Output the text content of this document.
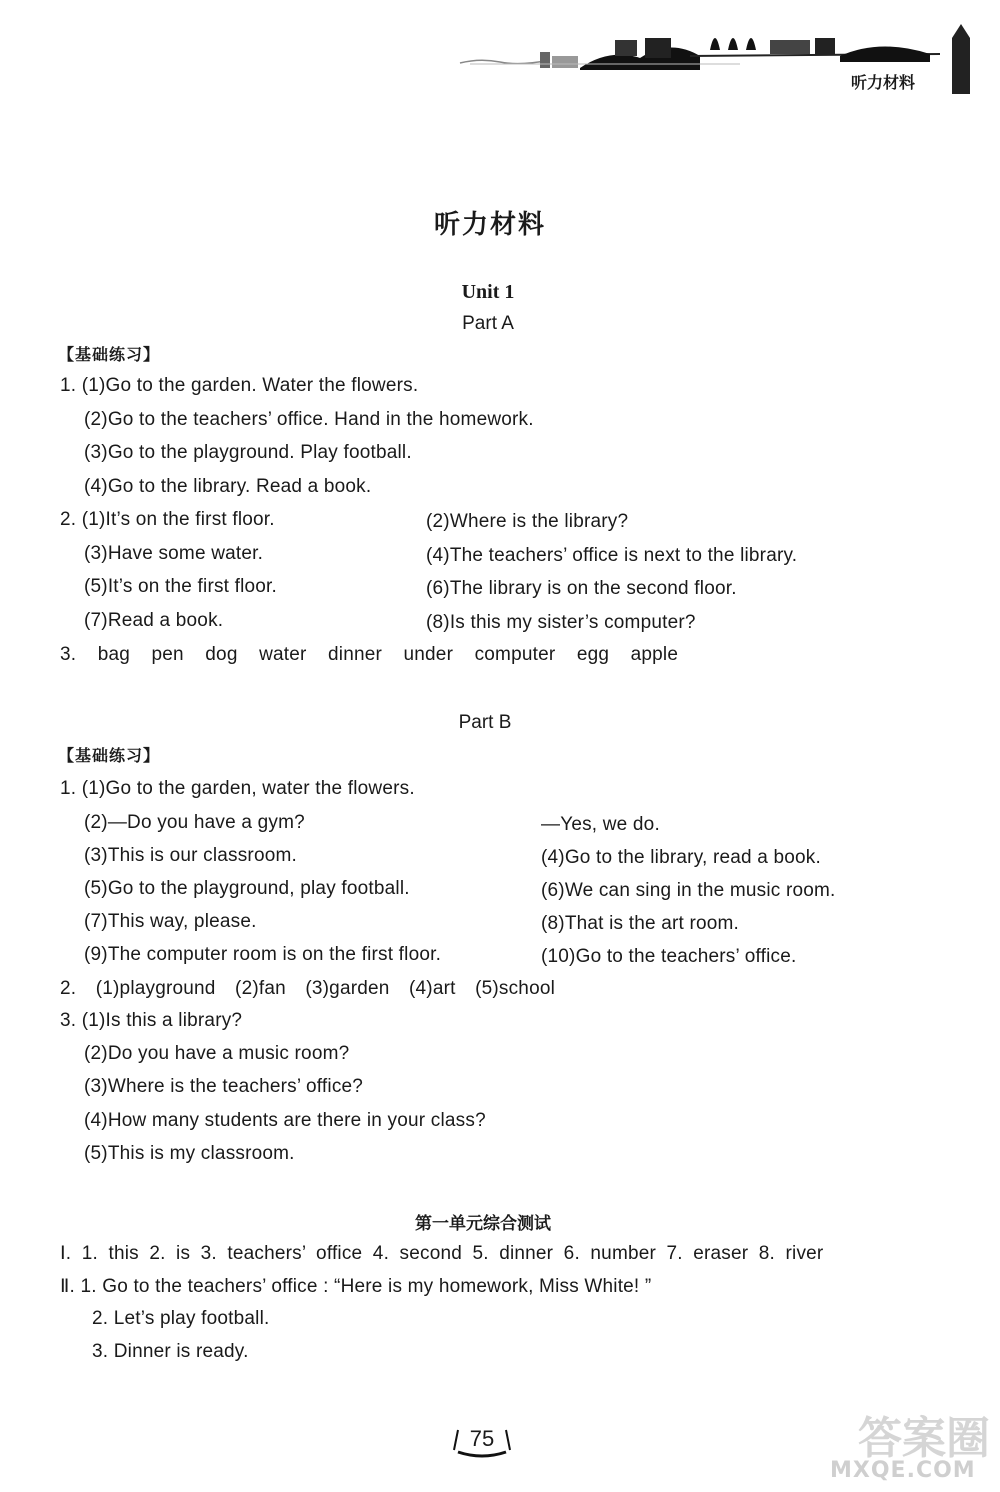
听力材料
听力材料
Unit 1
Part A
【基础练习】
1. (1)Go to the garden. Water the flowers.
(2)Go to the teachers’ office. Hand in the homework.
(3)Go to the playground. Play football.
(4)Go to the library. Read a book.
2. (1)It’s on the first floor.	(2)Where is the library?
(3)Have some water.	(4)The teachers’ office is next to the library.
(5)It’s on the first floor.	(6)The library is on the second floor.
(7)Read a book.	(8)Is this my sister’s computer?
3. bag pen dog water dinner under computer egg apple
Part B
【基础练习】
1. (1)Go to the garden, water the flowers.
(2)—Do you have a gym?	—Yes, we do.
(3)This is our classroom.	(4)Go to the library, read a book.
(5)Go to the playground, play football.	(6)We can sing in the music room.
(7)This way, please.	(8)That is the art room.
(9)The computer room is on the first floor.	(10)Go to the teachers’ office.
2. (1)playground (2)fan (3)garden (4)art (5)school
3. (1)Is this a library?
(2)Do you have a music room?
(3)Where is the teachers’ office?
(4)How many students are there in your class?
(5)This is my classroom.
第一单元综合测试
Ⅰ. 1. this 2. is 3. teachers’ office 4. second 5. dinner 6. number 7. eraser 8. river
Ⅱ. 1. Go to the teachers’ office : “Here is my homework, Miss White! ”
2. Let’s play football.
3. Dinner is ready.
75	答案圈
MXQE.COM
